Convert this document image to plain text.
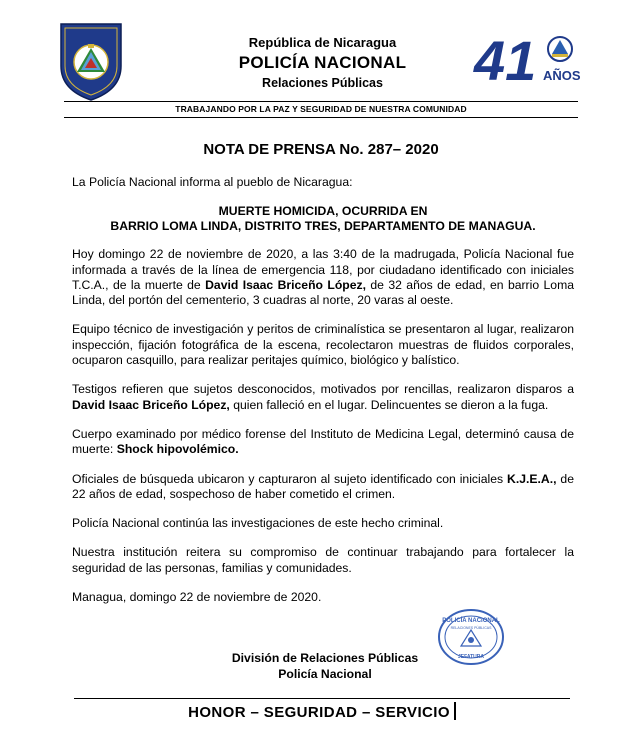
República de Nicaragua
POLICÍA NACIONAL
Relaciones Públicas	41 AÑOS
TRABAJANDO POR LA PAZ Y SEGURIDAD DE NUESTRA COMUNIDAD
NOTA DE PRENSA No. 287– 2020

La Policía Nacional informa al pueblo de Nicaragua:

MUERTE HOMICIDA, OCURRIDA EN
BARRIO LOMA LINDA, DISTRITO TRES, DEPARTAMENTO DE MANAGUA.

Hoy domingo 22 de noviembre de 2020, a las 3:40 de la madrugada, Policía Nacional fue informada a través de la línea de emergencia 118, por ciudadano identificado con iniciales T.C.A., de la muerte de David Isaac Briceño López, de 32 años de edad, en barrio Loma Linda, del portón del cementerio, 3 cuadras al norte, 20 varas al oeste.

Equipo técnico de investigación y peritos de criminalística se presentaron al lugar, realizaron inspección, fijación fotográfica de la escena, recolectaron muestras de fluidos corporales, ocuparon casquillo, para realizar peritajes químico, biológico y balístico.

Testigos refieren que sujetos desconocidos, motivados por rencillas, realizaron disparos a David Isaac Briceño López, quien falleció en el lugar. Delincuentes se dieron a la fuga.

Cuerpo examinado por médico forense del Instituto de Medicina Legal, determinó causa de muerte: Shock hipovolémico.

Oficiales de búsqueda ubicaron y capturaron al sujeto identificado con iniciales K.J.E.A., de 22 años de edad, sospechoso de haber cometido el crimen.

Policía Nacional continúa las investigaciones de este hecho criminal.

Nuestra institución reitera su compromiso de continuar trabajando para fortalecer la seguridad de las personas, familias y comunidades.

Managua, domingo 22 de noviembre de 2020.

POLICÍA NACIONAL
RELACIONES PÚBLICAS
JEFATURA
División de Relaciones Públicas
Policía Nacional
HONOR – SEGURIDAD – SERVICIO
